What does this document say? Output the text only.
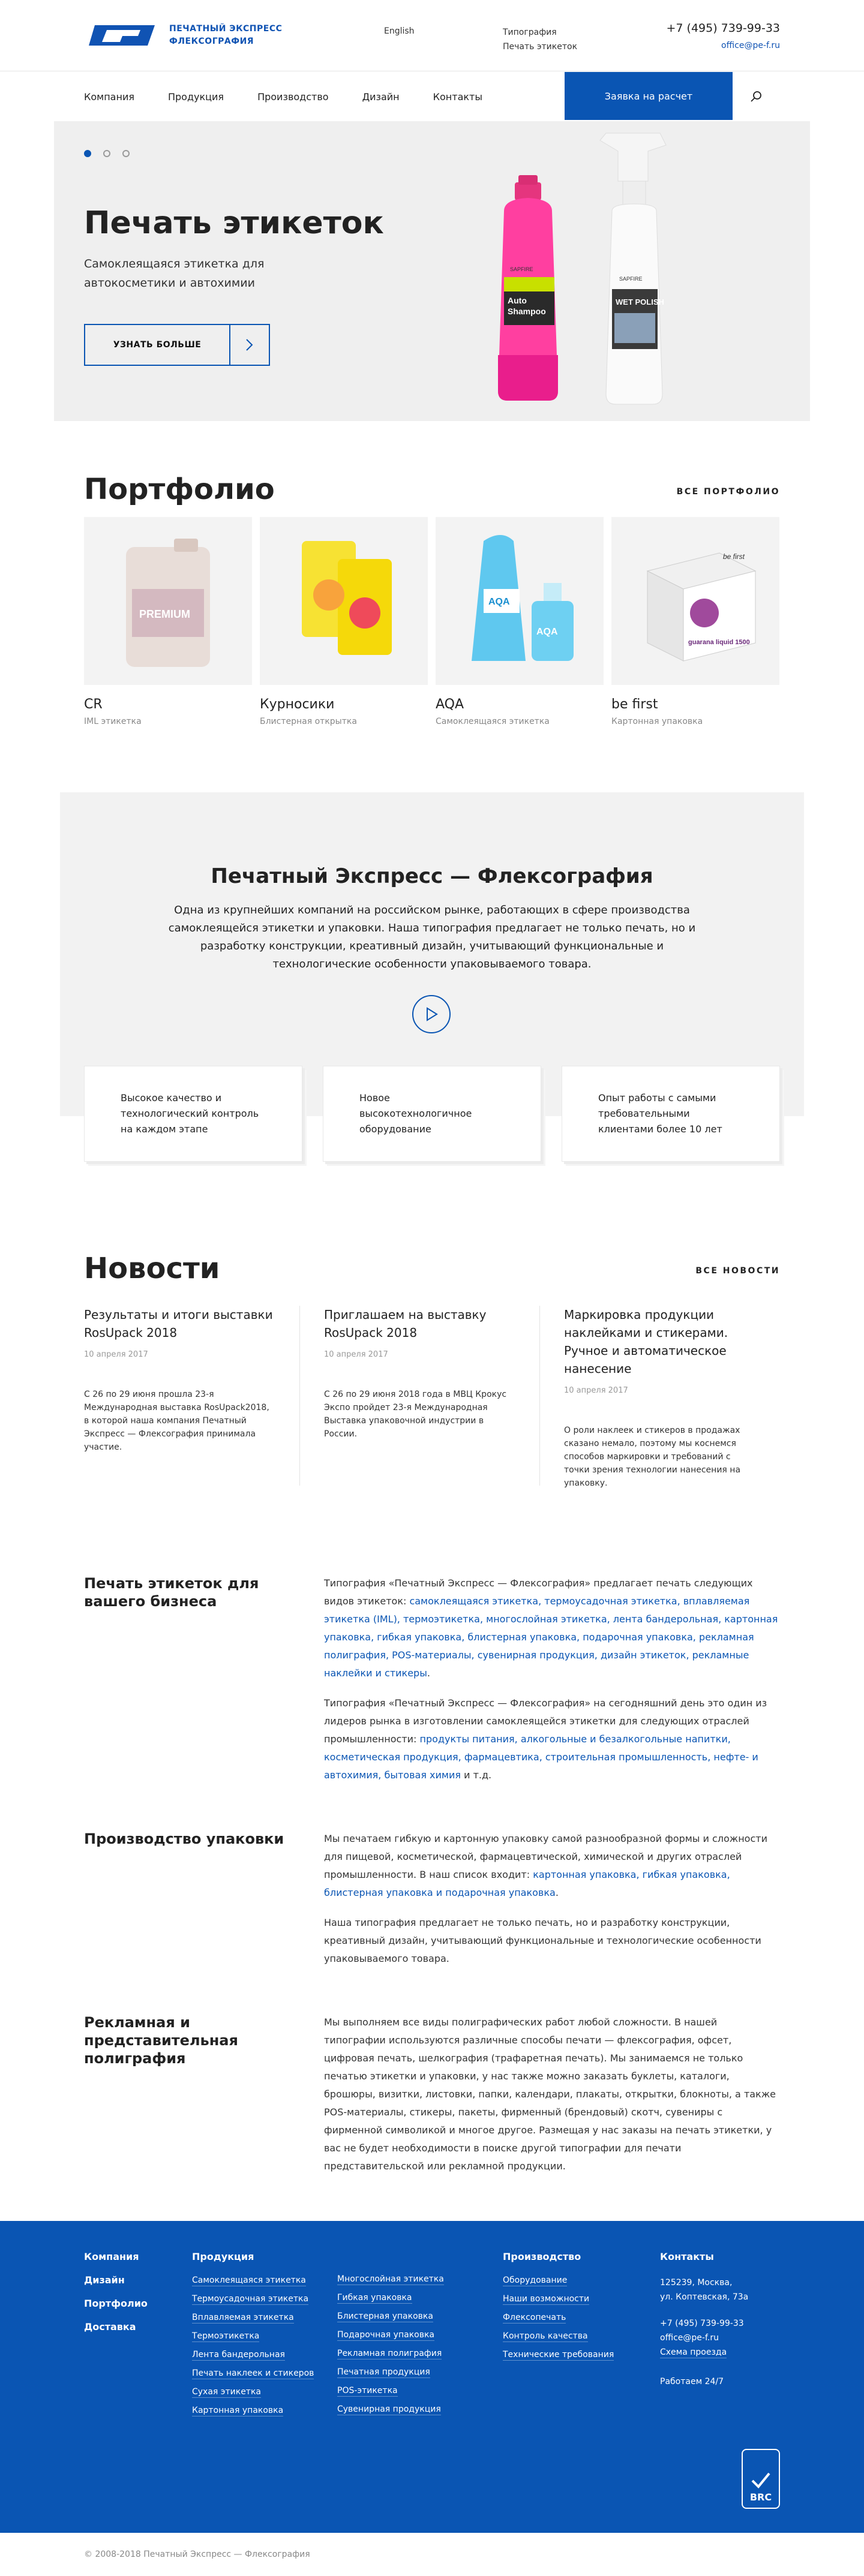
ПЕЧАТНЫЙ ЭКСПРЕСС
ФЛЕКСОГРАФИЯ
English	Типография
Печать этикеток
+7 (495) 739-99-33
office@pe-f.ru
Компания	Продукция	Производство	Дизайн	Контакты	Заявка на расчет
Печать этикеток
Самоклеящаяся этикетка для автокосметики и автохимии
УЗНАТЬ БОЛЬШЕ
Auto
Shampoo
SAPFIRE
WET POLISH
SAPFIRE
Портфолио	ВСЕ ПОРТФОЛИО
PREMIUM
CR
IML этикетка
Курносики
Блистерная открытка
AQA
AQA
AQA
Самоклеящаяся этикетка
be first
guarana liquid 1500
be first
Картонная упаковка
Печатный Экспресс — Флексография

Одна из крупнейших компаний на российском рынке, работающих в сфере производства самоклеящейся этикетки и упаковки. Наша типография предлагает не только печать, но и разработку конструкции, креативный дизайн, учитывающий функциональные и технологические особенности упаковываемого товара.

Высокое качество и технологический контроль на каждом этапе
Новое высокотехнологичное оборудование
Опыт работы с самыми требовательными клиентами более 10 лет
Новости	ВСЕ НОВОСТИ
Результаты и итоги выставки RosUpack 2018
10 апреля 2017
С 26 по 29 июня прошла 23-я Международная выставка RosUpack2018, в которой наша компания Печатный Экспресс — Флексография принимала участие.
Приглашаем на выставку RosUpack 2018
10 апреля 2017
С 26 по 29 июня 2018 года в МВЦ Крокус Экспо пройдет 23-я Международная Выставка упаковочной индустрии в России.
Маркировка продукции наклейками и стикерами. Ручное и автоматическое нанесение
10 апреля 2017
О роли наклеек и стикеров в продажах сказано немало, поэтому мы коснемся способов маркировки и требований с точки зрения технологии нанесения на упаковку.
Печать этикеток для вашего бизнеса

Типография «Печатный Экспресс — Флексография» предлагает печать следующих видов этикеток: самоклеящаяся этикетка, термоусадочная этикетка, вплавляемая этикетка (IML), термоэтикетка, многослойная этикетка, лента бандерольная, картонная упаковка, гибкая упаковка, блистерная упаковка, подарочная упаковка, рекламная полиграфия, POS-материалы, сувенирная продукция, дизайн этикеток, рекламные наклейки и стикеры.

Типография «Печатный Экспресс — Флексография» на сегодняшний день это один из лидеров рынка в изготовлении самоклеящейся этикетки для следующих отраслей промышленности: продукты питания, алкогольные и безалкогольные напитки, косметическая продукция, фармацевтика, строительная промышленность, нефте- и автохимия, бытовая химия и т.д.

Производство упаковки	Мы печатаем гибкую и картонную упаковку самой разнообразной формы и сложности для пищевой, косметической, фармацевтической, химической и других отраслей промышленности. В наш список входит: картонная упаковка, гибкая упаковка, блистерная упаковка и подарочная упаковка.

Наша типография предлагает не только печать, но и разработку конструкции, креативный дизайн, учитывающий функциональные и технологические особенности упаковываемого товара.

Рекламная и представительная полиграфия

Мы выполняем все виды полиграфических работ любой сложности. В нашей типографии используются различные способы печати — флексография, офсет, цифровая печать, шелкография (трафаретная печать). Мы занимаемся не только печатью этикетки и упаковки, у нас также можно заказать буклеты, каталоги, брошюры, визитки, листовки, папки, календари, плакаты, открытки, блокноты, а также POS-материалы, стикеры, пакеты, фирменный (брендовый) скотч, сувениры с фирменной символикой и многое другое. Размещая у нас заказы на печать этикетки, у вас не будет необходимости в поиске другой типографии для печати представительской или рекламной продукции.

Компания
Дизайн
Портфолио
Доставка
Продукция
Самоклеящаяся этикетка
Термоусадочная этикетка
Вплавляемая этикетка
Термоэтикетка
Лента бандерольная
Печать наклеек и стикеров
Сухая этикетка
Картонная упаковка
Многослойная этикетка
Гибкая упаковка
Блистерная упаковка
Подарочная упаковка
Рекламная полиграфия
Печатная продукция
POS-этикетка
Сувенирная продукция
Производство
Оборудование
Наши возможности
Флексопечать
Контроль качества
Технические требования
Контакты
125239, Москва,
ул. Коптевская, 73а
+7 (495) 739-99-33
office@pe-f.ru
Схема проезда
Работаем 24/7
BRC
© 2008-2018 Печатный Экспресс — Флексография
